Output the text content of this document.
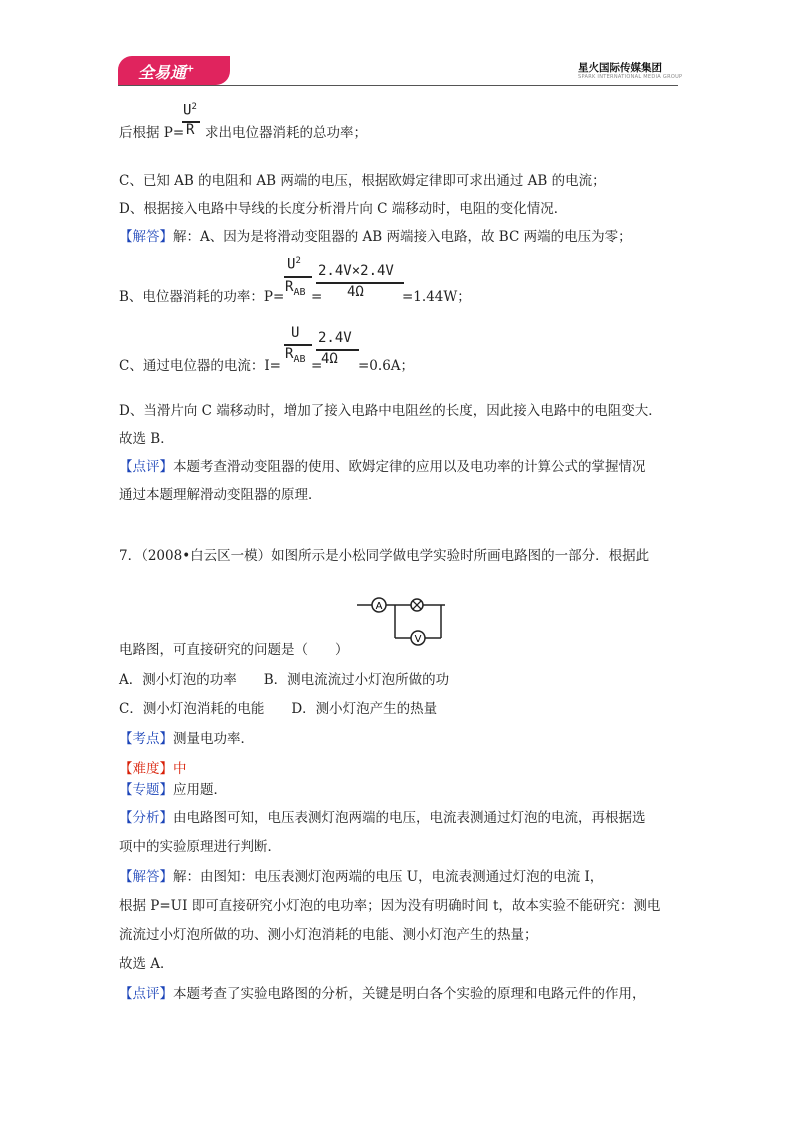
全易通+	星火国际传媒集团
SPARK INTERNATIONAL MEDIA GROUP
后根据 P=
$U^2$
R 求出电位器消耗的总功率；
C、已知 AB 的电阻和 AB 两端的电压，根据欧姆定律即可求出通过 AB 的电流；
D、根据接入电路中导线的长度分析滑片向 C 端移动时，电阻的变化情况．
【解答】解：A、因为是将滑动变阻器的 AB 两端接入电路，故 BC 两端的电压为零；
B、电位器消耗的功率：P=
$U^2$
$R_{AB}$ =
2.4V×2.4V
4Ω	=1.44W；
C、通过电位器的电流：I=
U
$R_{AB}$ =
2.4V
4Ω =0.6A；
D、当滑片向 C 端移动时，增加了接入电路中电阻丝的长度，因此接入电路中的电阻变大．
故选 B．
【点评】本题考查滑动变阻器的使用、欧姆定律的应用以及电功率的计算公式的掌握情况
通过本题理解滑动变阻器的原理．
7．（2008•白云区一模）如图所示是小松同学做电学实验时所画电路图的一部分．根据此
A
V
电路图，可直接研究的问题是（　　）
A．测小灯泡的功率　　B．测电流流过小灯泡所做的功
C．测小灯泡消耗的电能　　D．测小灯泡产生的热量
【考点】测量电功率．
【难度】中
【专题】应用题．
【分析】由电路图可知，电压表测灯泡两端的电压，电流表测通过灯泡的电流，再根据选
项中的实验原理进行判断．
【解答】解：由图知：电压表测灯泡两端的电压 U，电流表测通过灯泡的电流 I，
根据 P=UI 即可直接研究小灯泡的电功率；因为没有明确时间 t，故本实验不能研究：测电
流流过小灯泡所做的功、测小灯泡消耗的电能、测小灯泡产生的热量；
故选 A．
【点评】本题考查了实验电路图的分析，关键是明白各个实验的原理和电路元件的作用，
